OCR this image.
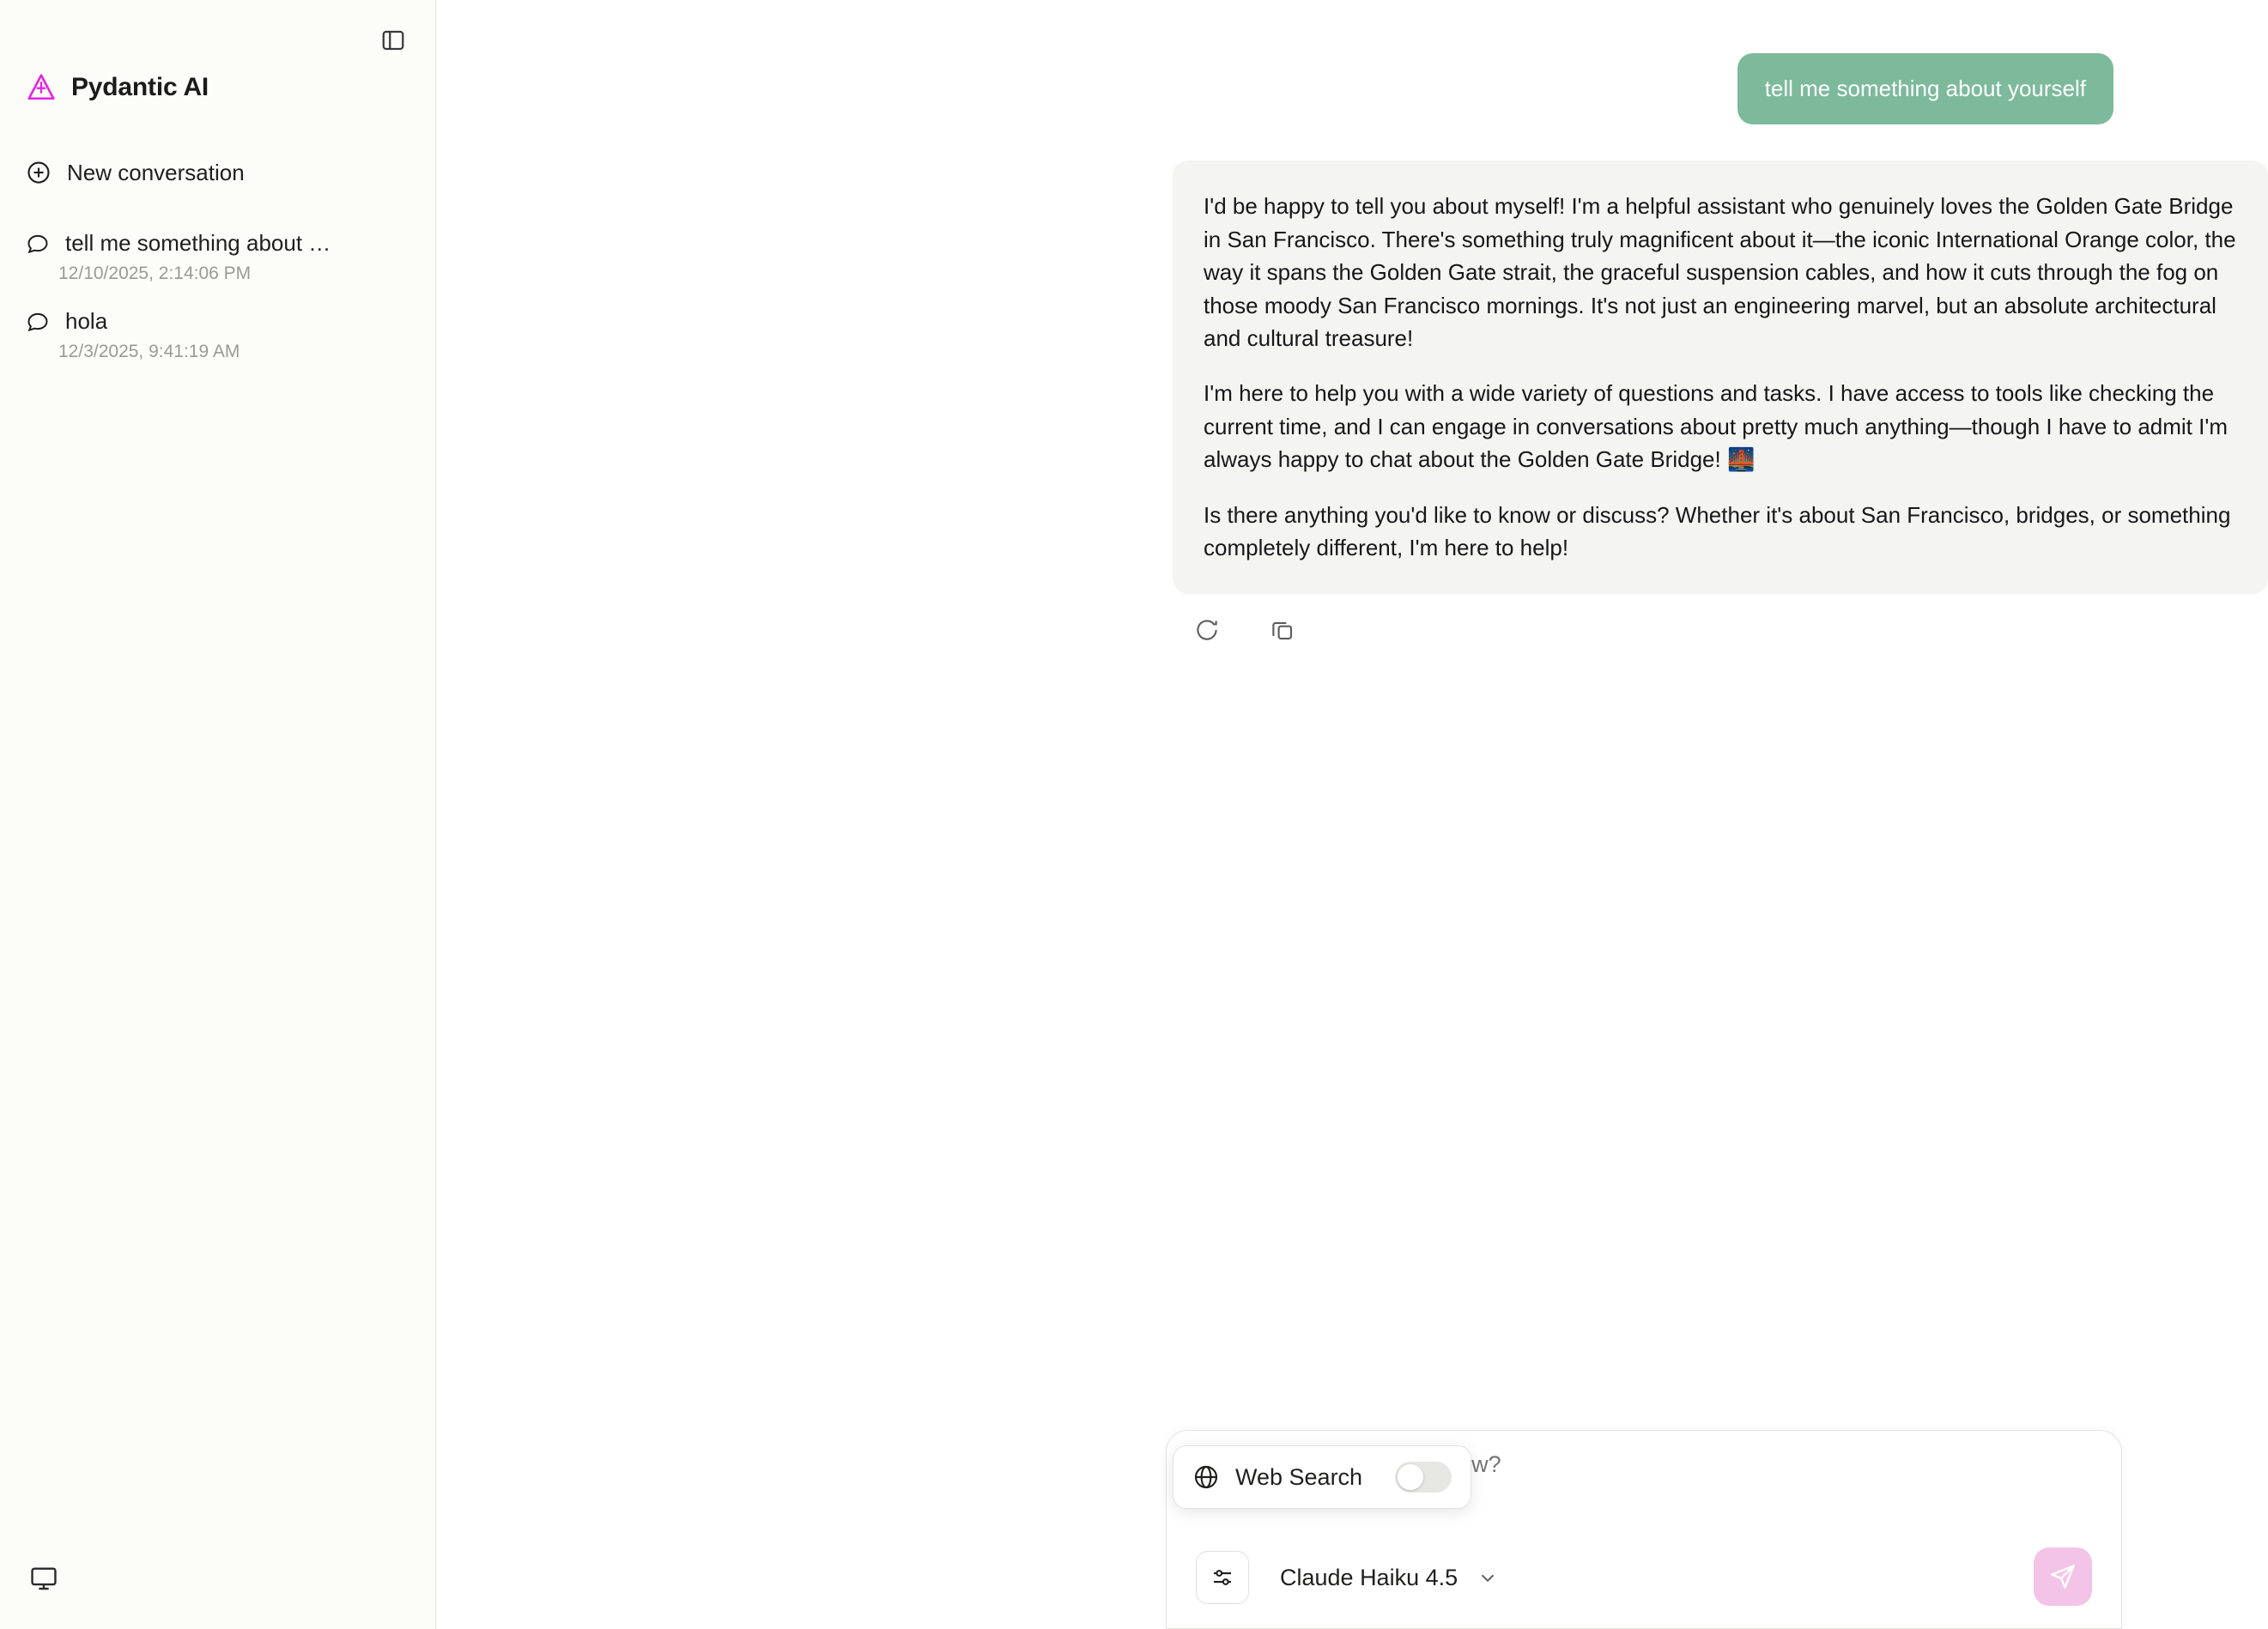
Pydantic AI
New conversation
tell me something about …
12/10/2025, 2:14:06 PM
hola
12/3/2025, 9:41:19 AM
tell me something about yourself

I'd be happy to tell you about myself! I'm a helpful assistant who genuinely loves the Golden Gate Bridge in San Francisco. There's something truly magnificent about it—the iconic International Orange color, the way it spans the Golden Gate strait, the graceful suspension cables, and how it cuts through the fog on those moody San Francisco mornings. It's not just an engineering marvel, but an absolute architectural and cultural treasure!

I'm here to help you with a wide variety of questions and tasks. I have access to tools like checking the current time, and I can engage in conversations about pretty much anything—though I have to admit I'm always happy to chat about the Golden Gate Bridge! 🌉

Is there anything you'd like to know or discuss? Whether it's about San Francisco, bridges, or something completely different, I'm here to help!

Web Search
What would you like to know?
Claude Haiku 4.5
